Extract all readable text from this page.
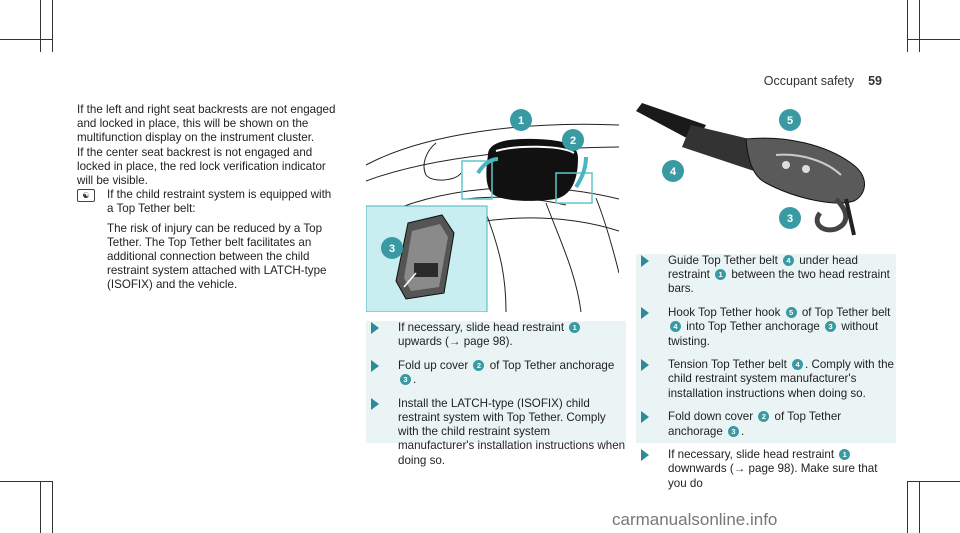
Occupant safety 59

If the left and right seat backrests are not engaged and locked in place, this will be shown on the multifunction display on the instrument cluster.

If the center seat backrest is not engaged and locked in place, the red lock verification indicator will be visible.

☯	If the child restraint system is equipped with a Top Tether belt:

The risk of injury can be reduced by a Top Tether. The Top Tether belt facilitates an additional connection between the child restraint system attached with LATCH-type (ISOFIX) and the vehicle.

1
2
3
5
4
3
If necessary, slide head restraint 1 upwards (→ page 98).
Fold up cover 2 of Top Tether anchorage 3 .
Install the LATCH-type (ISOFIX) child restraint system with Top Tether. Comply with the child restraint system manufacturer's installation instructions when doing so.
Guide Top Tether belt 4 under head restraint 1 between the two head restraint bars.
Hook Top Tether hook 5 of Top Tether belt 4 into Top Tether anchorage 3 without twisting.
Tension Top Tether belt 4 . Comply with the child restraint system manufacturer's installation instructions when doing so.
Fold down cover 2 of Top Tether anchorage 3 .
If necessary, slide head restraint 1 downwards (→ page 98). Make sure that you do
carmanualsonline.info
